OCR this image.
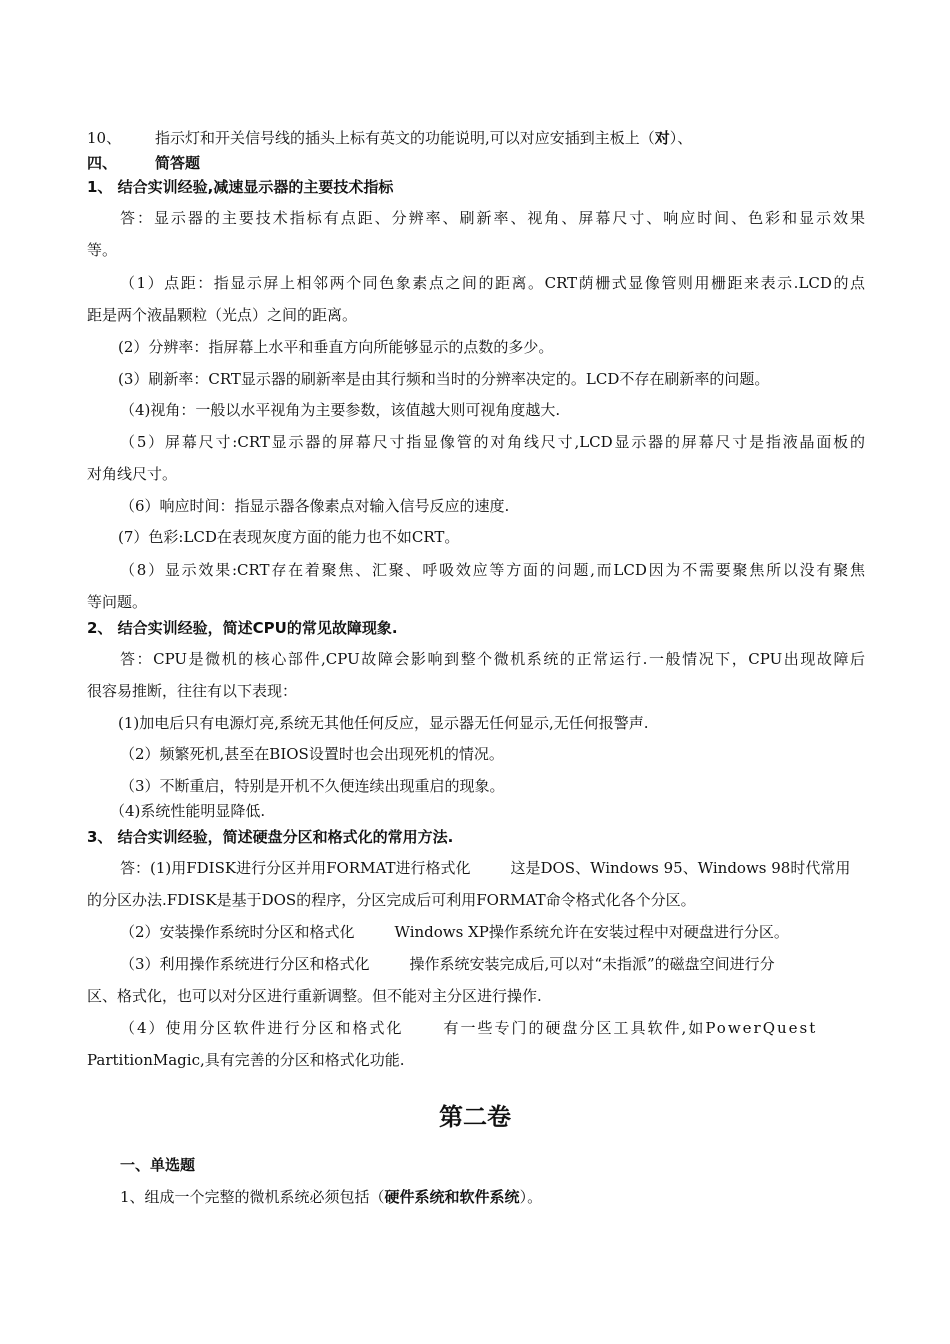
10、 指示灯和开关信号线的插头上标有英文的功能说明,可以对应安插到主板上（对）、
四、	简答题
1、 结合实训经验,减速显示器的主要技术指标
答：显示器的主要技术指标有点距、分辨率、刷新率、视角、屏幕尺寸、响应时间、色彩和显示效果
等。
（1）点距：指显示屏上相邻两个同色象素点之间的距离。CRT荫栅式显像管则用栅距来表示.LCD的点
距是两个液晶颗粒（光点）之间的距离。
(2）分辨率：指屏幕上水平和垂直方向所能够显示的点数的多少。
(3）刷新率：CRT显示器的刷新率是由其行频和当时的分辨率决定的。LCD不存在刷新率的问题。
（4)视角：一般以水平视角为主要参数，该值越大则可视角度越大.
（5）屏幕尺寸:CRT显示器的屏幕尺寸指显像管的对角线尺寸,LCD显示器的屏幕尺寸是指液晶面板的
对角线尺寸。
（6）响应时间：指显示器各像素点对输入信号反应的速度.
(7）色彩:LCD在表现灰度方面的能力也不如CRT。
（8）显示效果:CRT存在着聚焦、汇聚、呼吸效应等方面的问题,而LCD因为不需要聚焦所以没有聚焦
等问题。
2、 结合实训经验，简述CPU的常见故障现象.
答：CPU是微机的核心部件,CPU故障会影响到整个微机系统的正常运行.一般情况下，CPU出现故障后
很容易推断，往往有以下表现：
(1)加电后只有电源灯亮,系统无其他任何反应，显示器无任何显示,无任何报警声.
（2）频繁死机,甚至在BIOS设置时也会出现死机的情况。
（3）不断重启，特别是开机不久便连续出现重启的现象。
（4)系统性能明显降低.
3、 结合实训经验，简述硬盘分区和格式化的常用方法.
答：(1)用FDISK进行分区并用FORMAT进行格式化	这是DOS、Windows 95、Windows 98时代常用
的分区办法.FDISK是基于DOS的程序，分区完成后可利用FORMAT命令格式化各个分区。
（2）安装操作系统时分区和格式化	Windows XP操作系统允许在安装过程中对硬盘进行分区。
（3）利用操作系统进行分区和格式化	操作系统安装完成后,可以对“未指派”的磁盘空间进行分
区、格式化，也可以对分区进行重新调整。但不能对主分区进行操作.
（4）使用分区软件进行分区和格式化	有一些专门的硬盘分区工具软件,如PowerQuest
PartitionMagic,具有完善的分区和格式化功能.
第二卷
一、单选题
1、组成一个完整的微机系统必须包括（硬件系统和软件系统）。
